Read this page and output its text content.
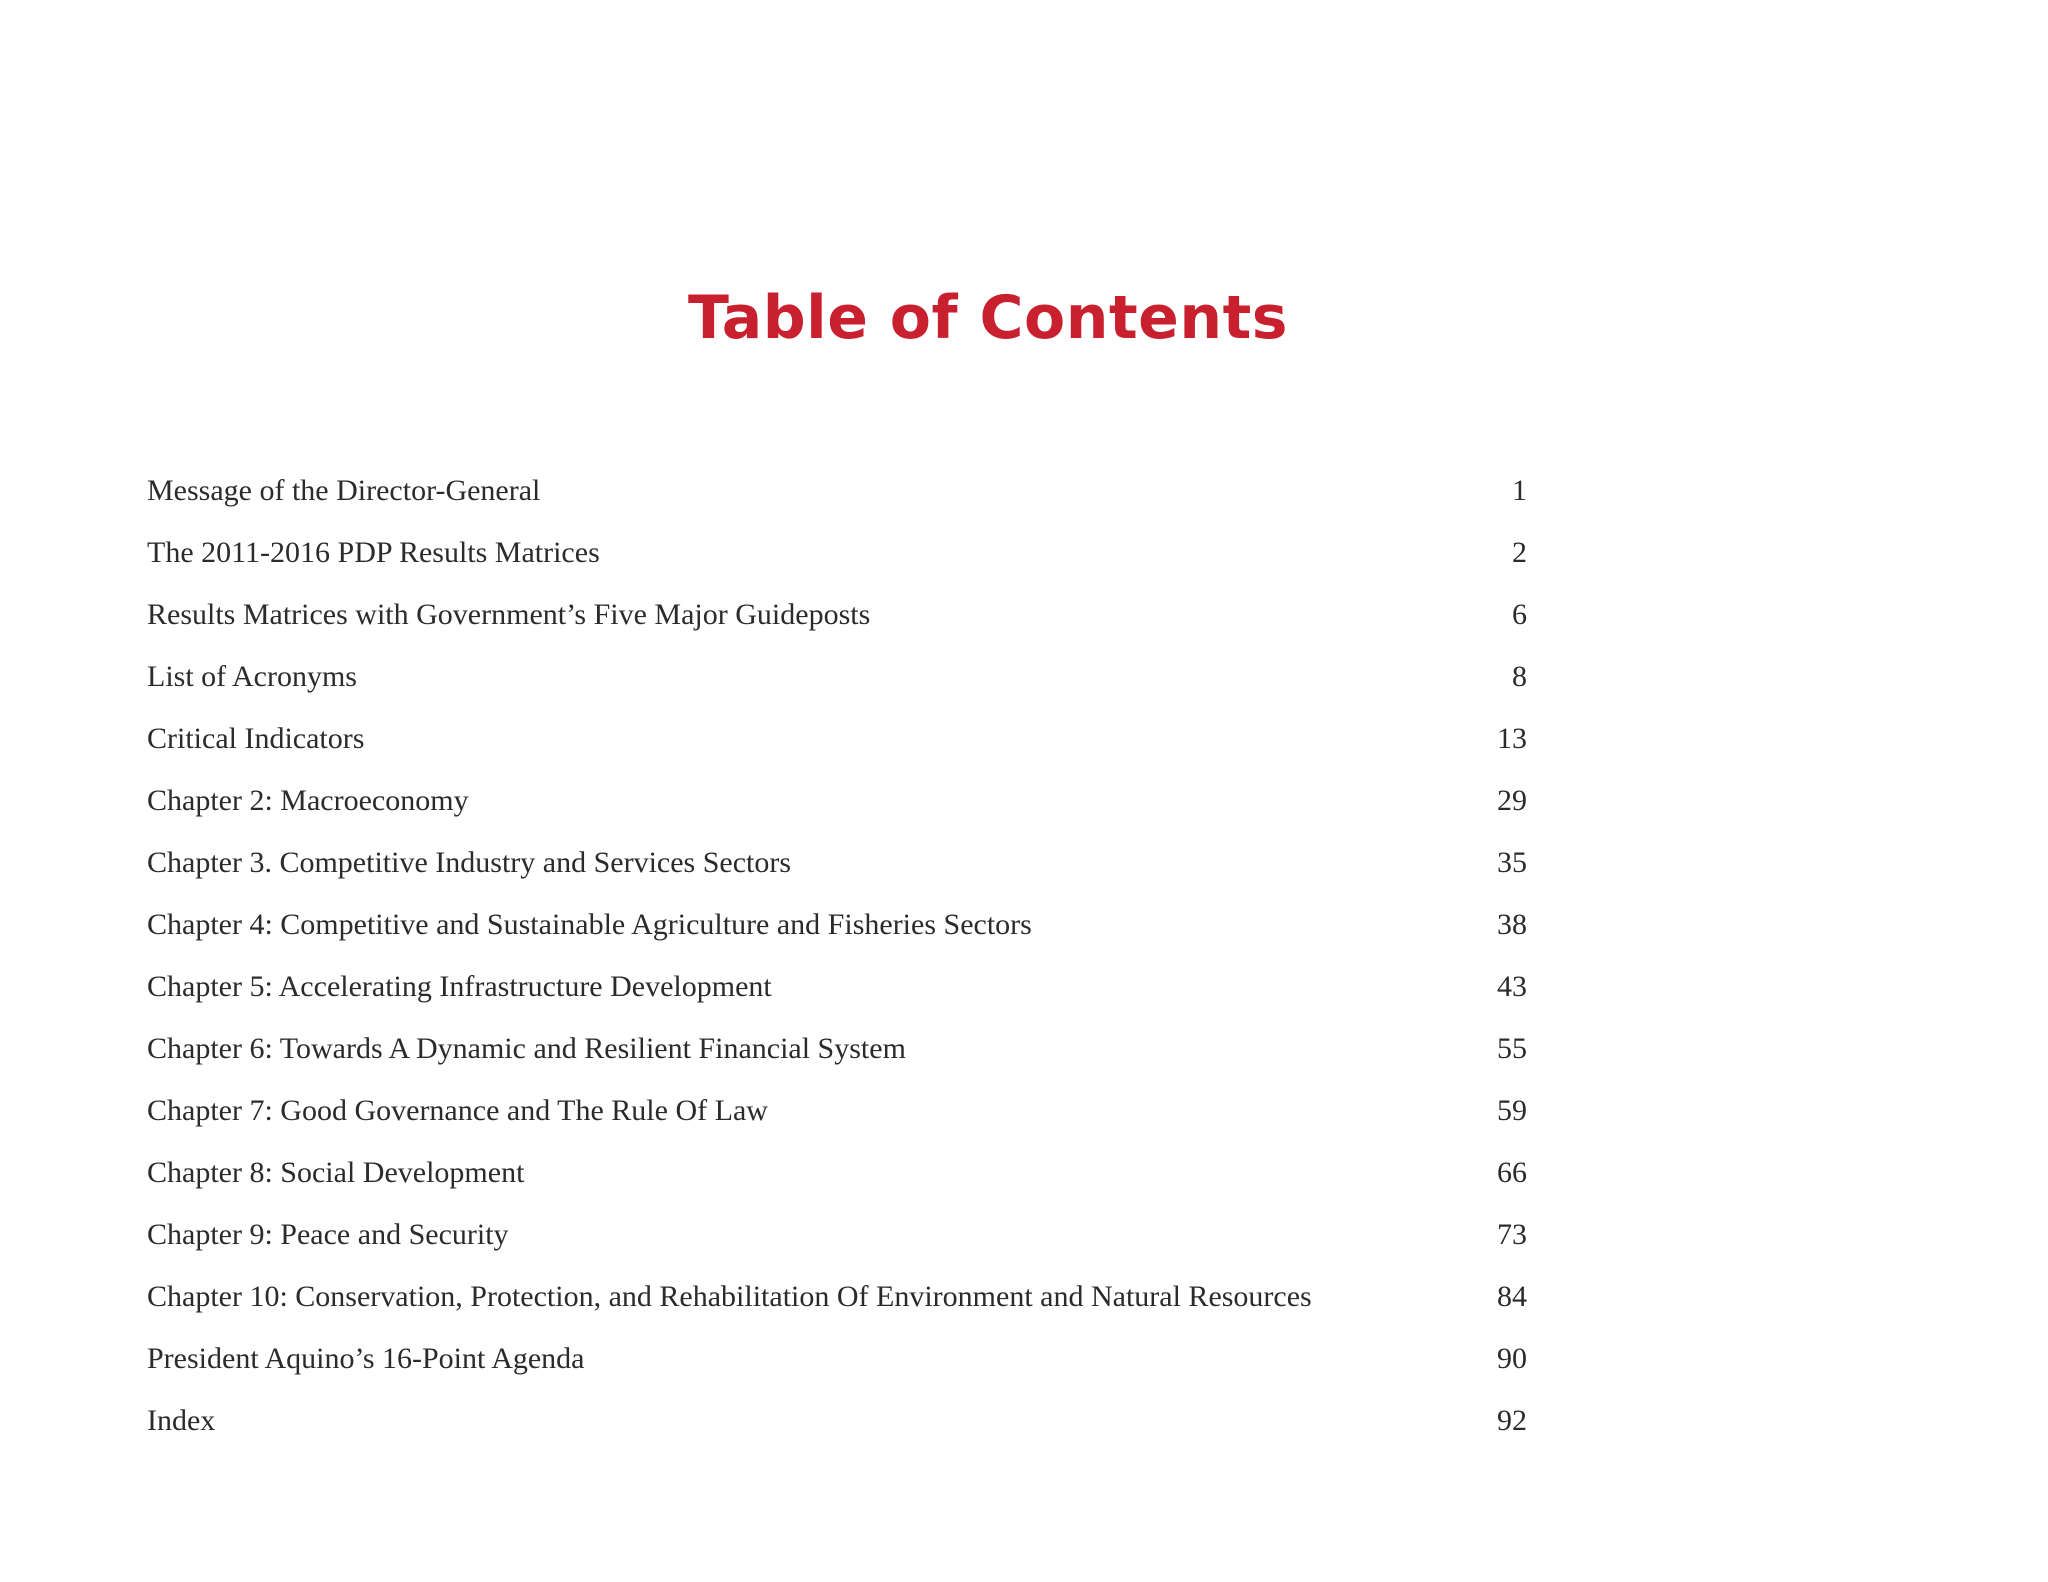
Table of Contents
Message of the Director-General	1
The 2011-2016 PDP Results Matrices	2
Results Matrices with Government’s Five Major Guideposts	6
List of Acronyms	8
Critical Indicators	13
Chapter 2: Macroeconomy	29
Chapter 3. Competitive Industry and Services Sectors	35
Chapter 4: Competitive and Sustainable Agriculture and Fisheries Sectors	38
Chapter 5: Accelerating Infrastructure Development	43
Chapter 6: Towards A Dynamic and Resilient Financial System	55
Chapter 7: Good Governance and The Rule Of Law	59
Chapter 8: Social Development	66
Chapter 9: Peace and Security	73
Chapter 10: Conservation, Protection, and Rehabilitation Of Environment and Natural Resources	84
President Aquino’s 16-Point Agenda	90
Index	92
